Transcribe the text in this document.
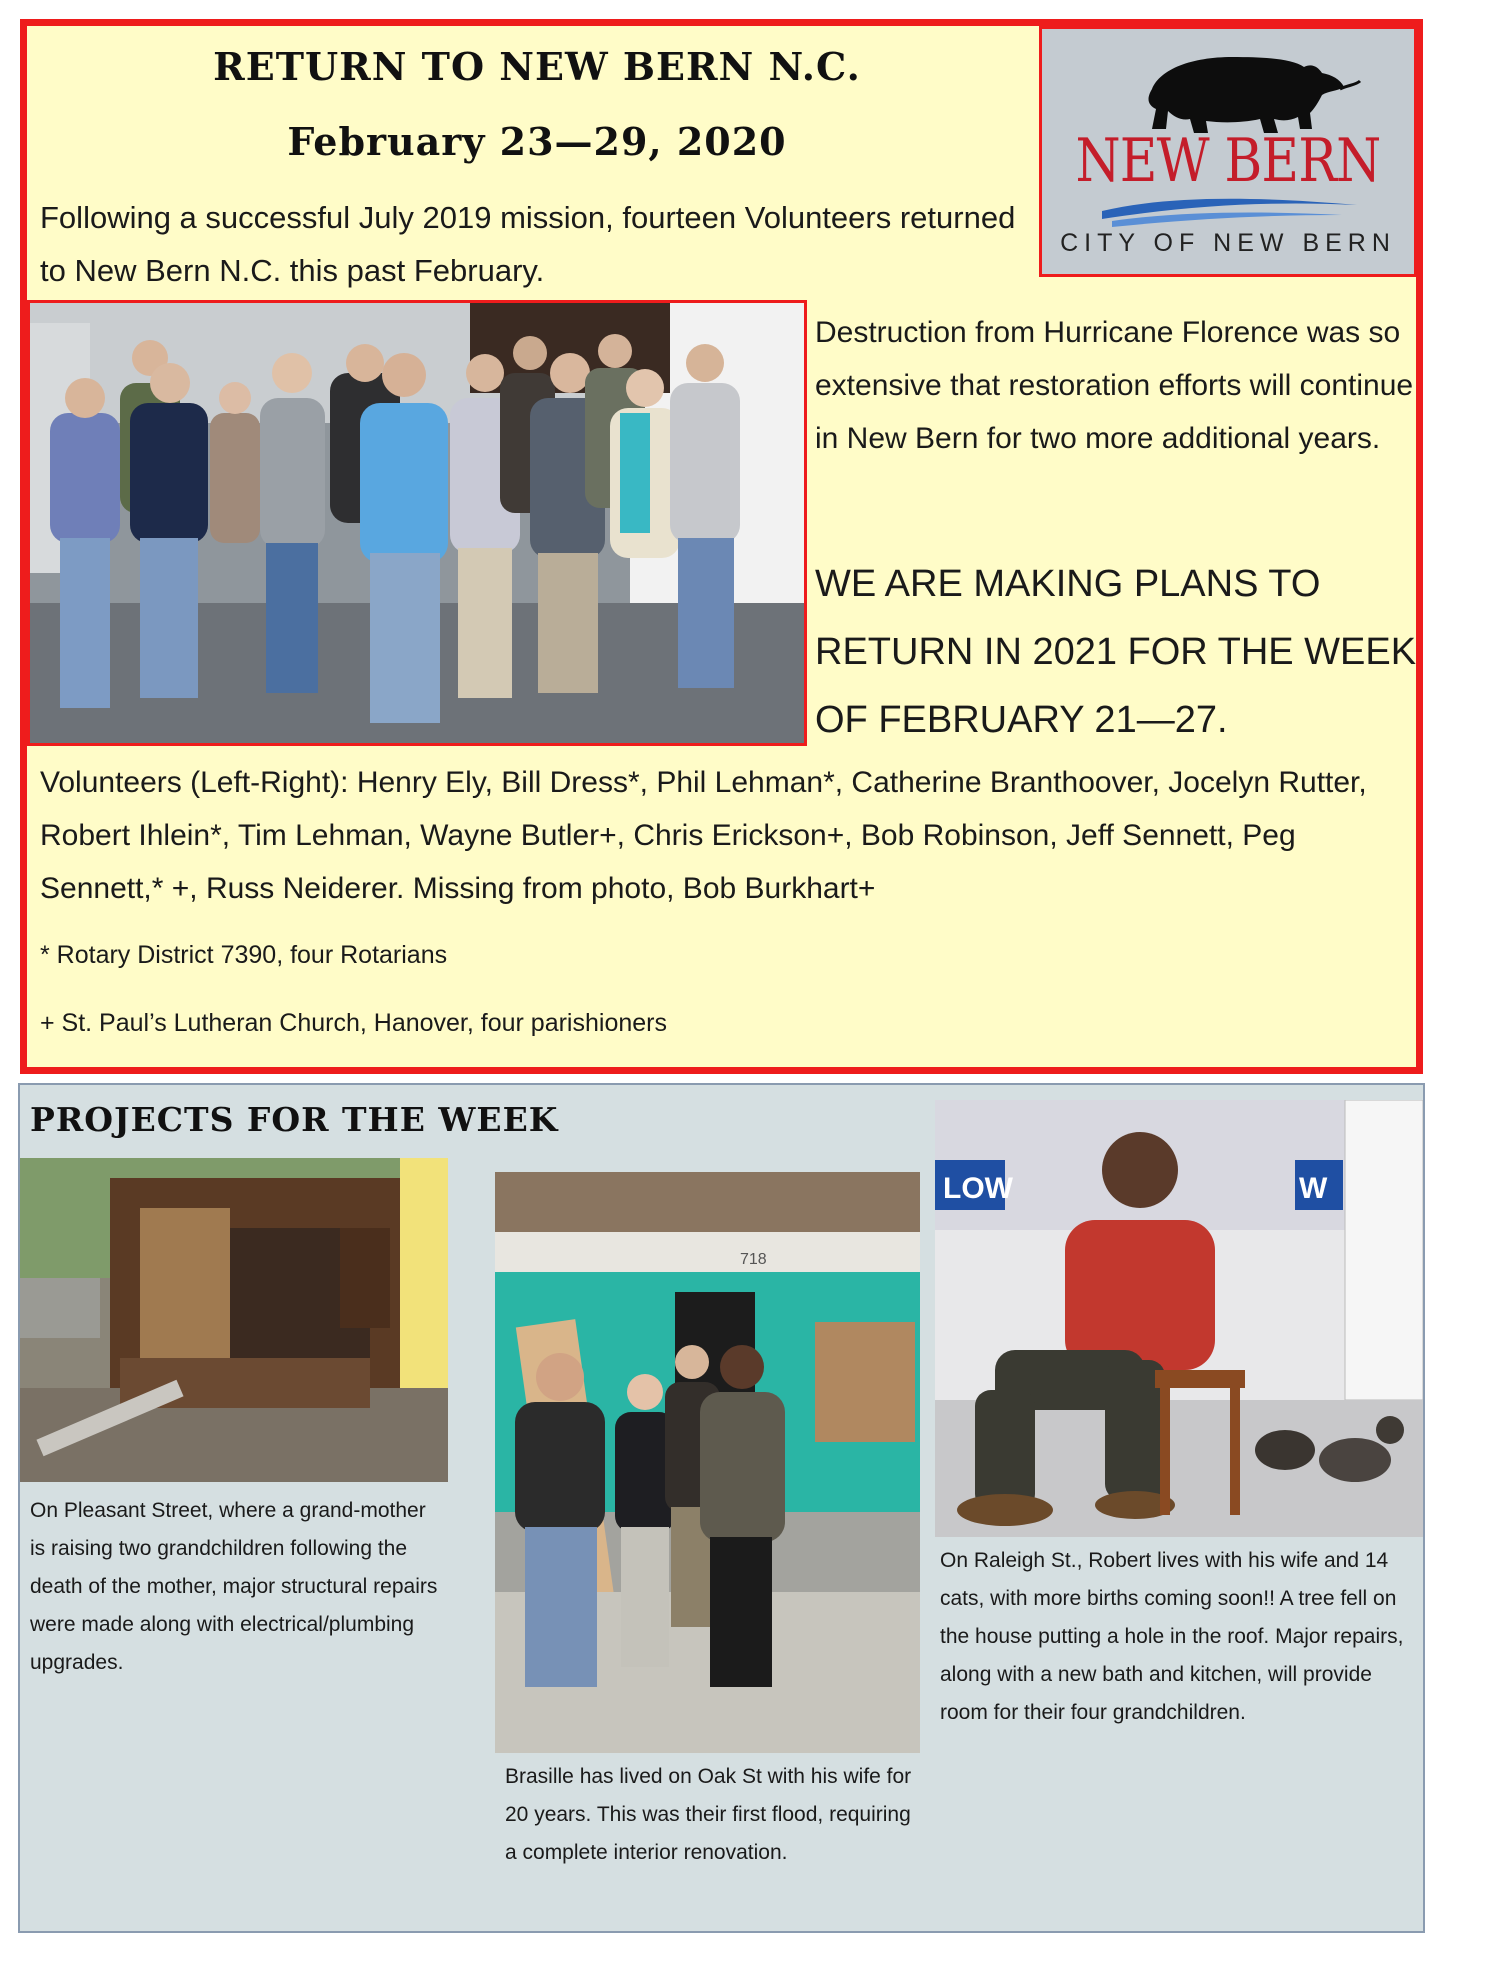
RETURN TO NEW BERN N.C.
February 23—29, 2020
Following a successful July 2019 mission, fourteen Volunteers returned to New Bern N.C. this past February.
NEW BERN
CITY OF NEW BERN
Destruction from Hurricane Florence was so extensive that restoration efforts will continue in New Bern for two more additional years.
WE ARE MAKING PLANS TO RETURN IN 2021 FOR THE WEEK OF FEBRUARY 21—27.
Volunteers (Left-Right): Henry Ely, Bill Dress*, Phil Lehman*, Catherine Branthoover, Jocelyn Rutter, Robert Ihlein*, Tim Lehman, Wayne Butler+, Chris Erickson+, Bob Robinson, Jeff Sennett, Peg Sennett,* +, Russ Neiderer. Missing from photo, Bob Burkhart+
* Rotary District 7390, four Rotarians
+ St. Paul’s Lutheran Church, Hanover, four parishioners
PROJECTS FOR THE WEEK
On Pleasant Street, where a grand-mother is raising two grandchildren following the death of the mother, major structural repairs were made along with electrical/plumbing upgrades.
718
Brasille has lived on Oak St with his wife for 20 years. This was their first flood, requiring a complete interior renovation.
LOW	W
On Raleigh St., Robert lives with his wife and 14 cats, with more births coming soon!! A tree fell on the house putting a hole in the roof. Major repairs, along with a new bath and kitchen, will provide room for their four grandchildren.
